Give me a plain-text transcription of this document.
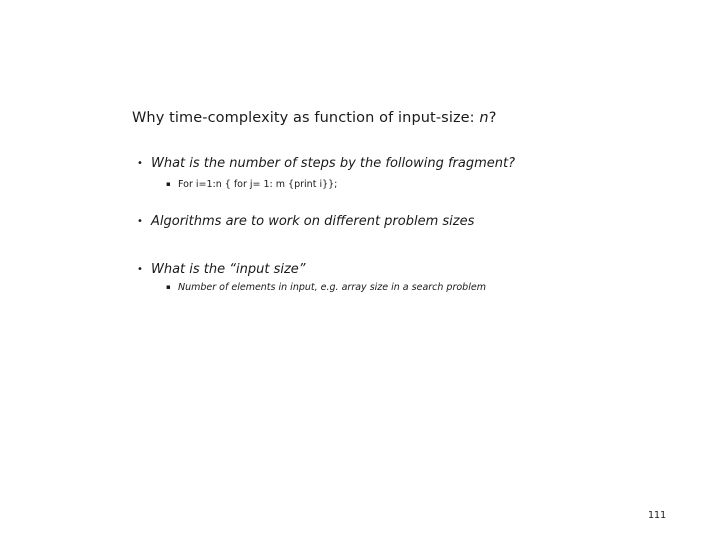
Why time-complexity as function of input-size: n?
• What is the number of steps by the following fragment?
▪ For i=1:n { for j= 1: m {print i}};
• Algorithms are to work on different problem sizes
• What is the “input size”
▪ Number of elements in input, e.g. array size in a search problem
111
